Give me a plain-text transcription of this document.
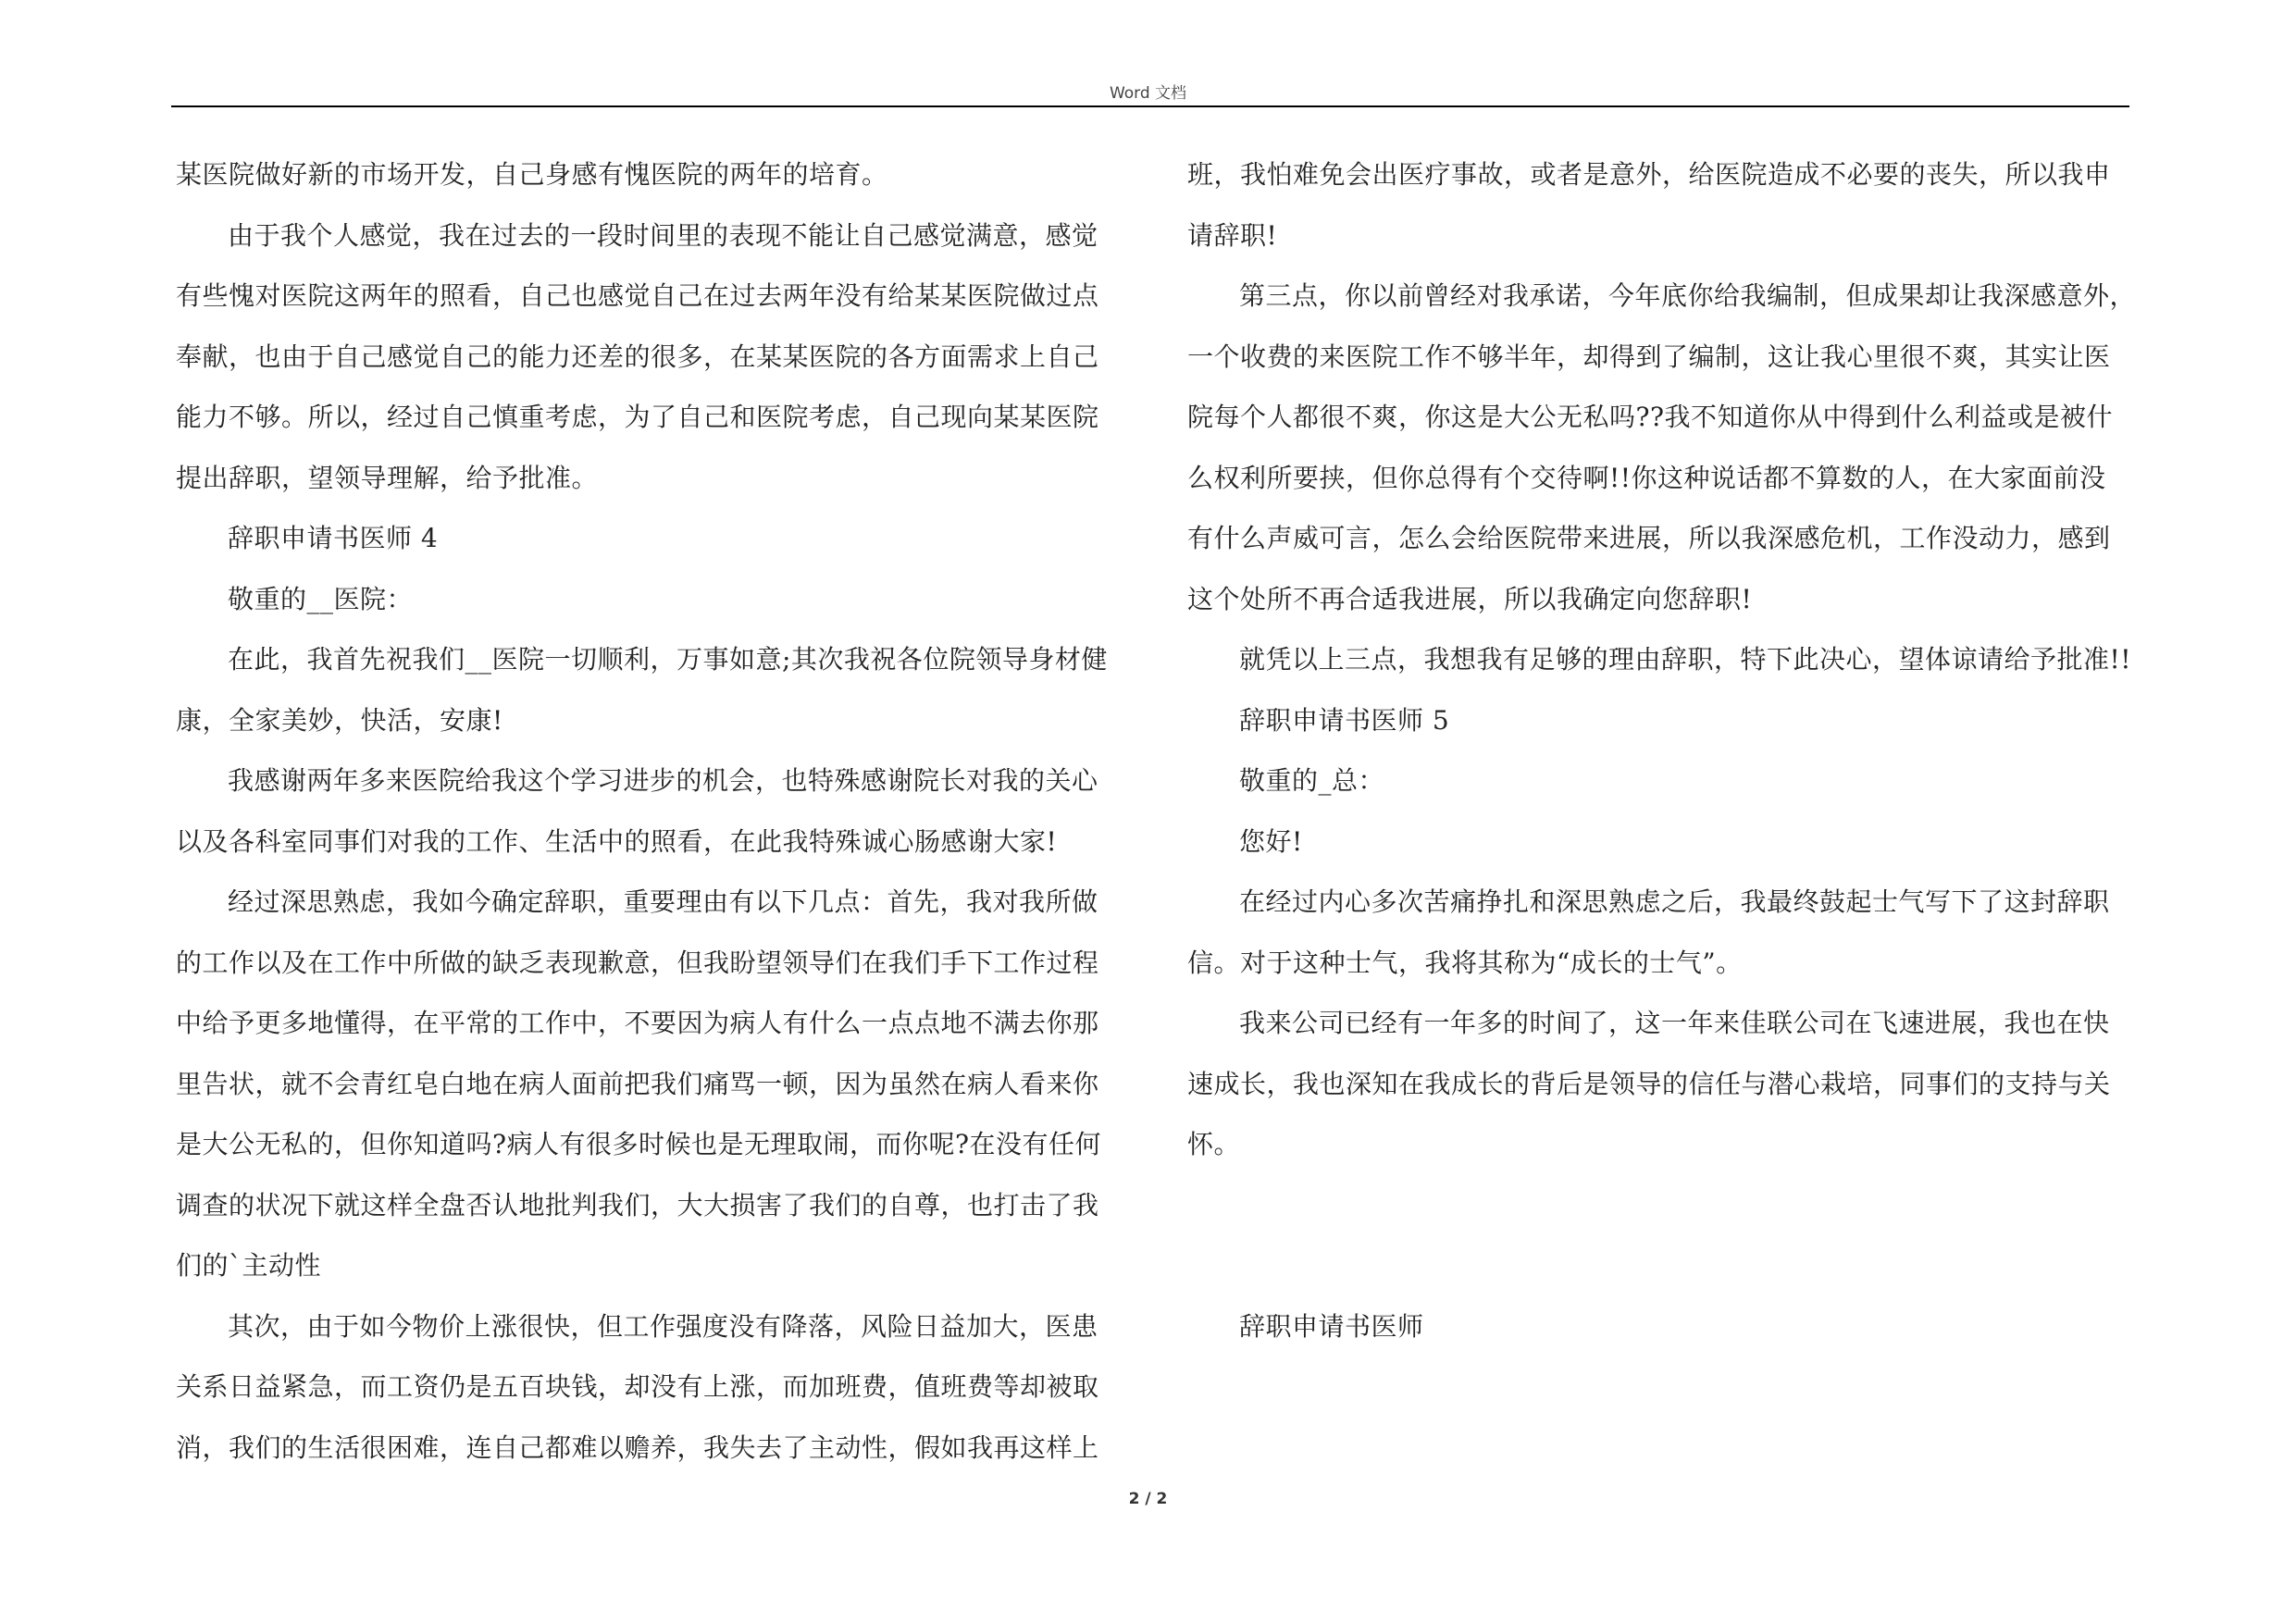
Word 文档

某医院做好新的市场开发，自己身感有愧医院的两年的培育。

由于我个人感觉，我在过去的一段时间里的表现不能让自己感觉满意，感觉

有些愧对医院这两年的照看，自己也感觉自己在过去两年没有给某某医院做过点

奉献，也由于自己感觉自己的能力还差的很多，在某某医院的各方面需求上自己

能力不够。所以，经过自己慎重考虑，为了自己和医院考虑，自己现向某某医院

提出辞职，望领导理解，给予批准。

辞职申请书医师 4

敬重的__医院：

在此，我首先祝我们__医院一切顺利，万事如意;其次我祝各位院领导身材健

康，全家美妙，快活，安康!

我感谢两年多来医院给我这个学习进步的机会，也特殊感谢院长对我的关心

以及各科室同事们对我的工作、生活中的照看，在此我特殊诚心肠感谢大家!

经过深思熟虑，我如今确定辞职，重要理由有以下几点：首先，我对我所做

的工作以及在工作中所做的缺乏表现歉意，但我盼望领导们在我们手下工作过程

中给予更多地懂得，在平常的工作中，不要因为病人有什么一点点地不满去你那

里告状，就不会青红皂白地在病人面前把我们痛骂一顿，因为虽然在病人看来你

是大公无私的，但你知道吗?病人有很多时候也是无理取闹，而你呢?在没有任何

调查的状况下就这样全盘否认地批判我们，大大损害了我们的自尊，也打击了我

们的`主动性

其次，由于如今物价上涨很快，但工作强度没有降落，风险日益加大，医患

关系日益紧急，而工资仍是五百块钱，却没有上涨，而加班费，值班费等却被取

消，我们的生活很困难，连自己都难以赡养，我失去了主动性，假如我再这样上

班，我怕难免会出医疗事故，或者是意外，给医院造成不必要的丧失，所以我申

请辞职!

第三点，你以前曾经对我承诺，今年底你给我编制，但成果却让我深感意外，

一个收费的来医院工作不够半年，却得到了编制，这让我心里很不爽，其实让医

院每个人都很不爽，你这是大公无私吗??我不知道你从中得到什么利益或是被什

么权利所要挟，但你总得有个交待啊!!你这种说话都不算数的人，在大家面前没

有什么声威可言，怎么会给医院带来进展，所以我深感危机，工作没动力，感到

这个处所不再合适我进展，所以我确定向您辞职!

就凭以上三点，我想我有足够的理由辞职，特下此决心，望体谅请给予批准!!

辞职申请书医师 5

敬重的_总：

您好!

在经过内心多次苦痛挣扎和深思熟虑之后，我最终鼓起士气写下了这封辞职

信。对于这种士气，我将其称为“成长的士气”。

我来公司已经有一年多的时间了，这一年来佳联公司在飞速进展，我也在快

速成长，我也深知在我成长的背后是领导的信任与潜心栽培，同事们的支持与关

怀。

辞职申请书医师

2 / 2
